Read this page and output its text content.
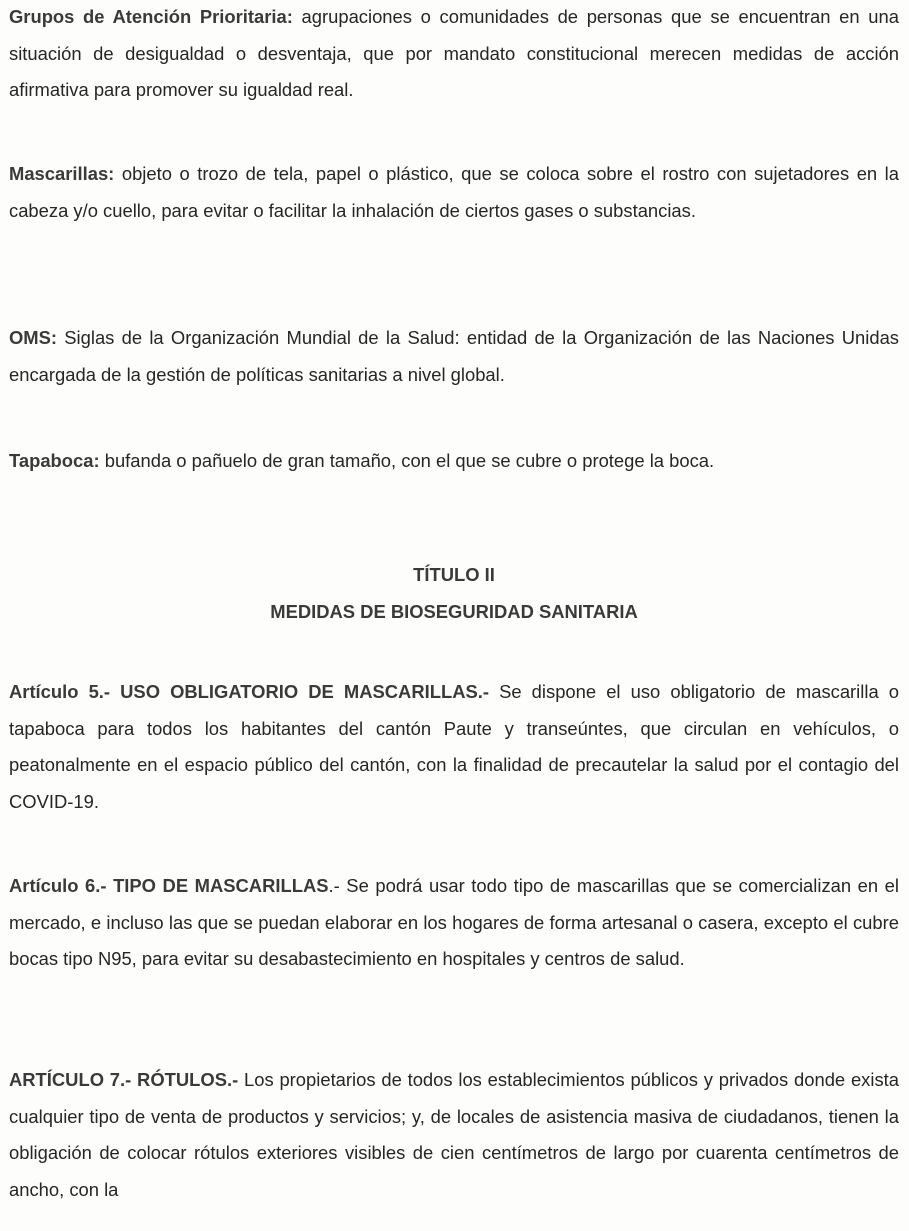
Grupos de Atención Prioritaria: agrupaciones o comunidades de personas que se encuentran en una situación de desigualdad o desventaja, que por mandato constitucional merecen medidas de acción afirmativa para promover su igualdad real.

Mascarillas: objeto o trozo de tela, papel o plástico, que se coloca sobre el rostro con sujetadores en la cabeza y/o cuello, para evitar o facilitar la inhalación de ciertos gases o substancias.

OMS: Siglas de la Organización Mundial de la Salud: entidad de la Organización de las Naciones Unidas encargada de la gestión de políticas sanitarias a nivel global.

Tapaboca: bufanda o pañuelo de gran tamaño, con el que se cubre o protege la boca.

TÍTULO II

MEDIDAS DE BIOSEGURIDAD SANITARIA

Artículo 5.- USO OBLIGATORIO DE MASCARILLAS.- Se dispone el uso obligatorio de mascarilla o tapaboca para todos los habitantes del cantón Paute y transeúntes, que circulan en vehículos, o peatonalmente en el espacio público del cantón, con la finalidad de precautelar la salud por el contagio del COVID-19.

Artículo 6.- TIPO DE MASCARILLAS.- Se podrá usar todo tipo de mascarillas que se comercializan en el mercado, e incluso las que se puedan elaborar en los hogares de forma artesanal o casera, excepto el cubre bocas tipo N95, para evitar su desabastecimiento en hospitales y centros de salud.

ARTÍCULO 7.- RÓTULOS.- Los propietarios de todos los establecimientos públicos y privados donde exista cualquier tipo de venta de productos y servicios; y, de locales de asistencia masiva de ciudadanos, tienen la obligación de colocar rótulos exteriores visibles de cien centímetros de largo por cuarenta centímetros de ancho, con la
